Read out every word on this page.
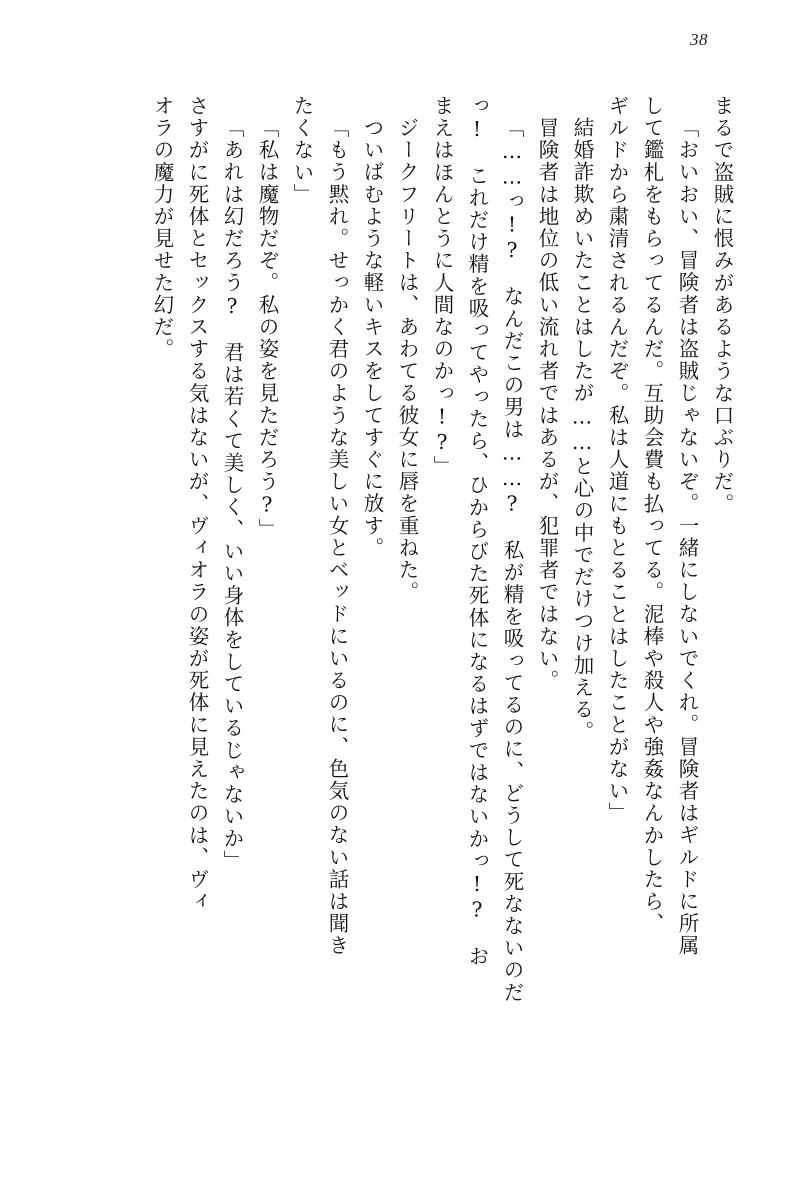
38
まるで盗賊に恨みがあるような口ぶりだ。
「おいおい、冒険者は盗賊じゃないぞ。一緒にしないでくれ。冒険者はギルドに所属
して鑑札をもらってるんだ。互助会費も払ってる。泥棒や殺人や強姦なんかしたら、
ギルドから粛清されるんだぞ。私は人道にもとることはしたことがない」
結婚詐欺めいたことはしたが……と心の中でだけつけ加える。
冒険者は地位の低い流れ者ではあるが、犯罪者ではない。
「……っ!?　なんだこの男は……?　私が精を吸ってるのに、どうして死なないのだ
っ!　これだけ精を吸ってやったら、ひからびた死体になるはずではないかっ!?　お
まえはほんとうに人間なのかっ!?」
ジークフリートは、あわてる彼女に唇を重ねた。
ついばむような軽いキスをしてすぐに放す。
「もう黙れ。せっかく君のような美しい女とベッドにいるのに、色気のない話は聞き
たくない」
「私は魔物だぞ。私の姿を見ただろう?」
「あれは幻だろう?　君は若くて美しく、いい身体をしているじゃないか」
さすがに死体とセックスする気はないが、ヴィオラの姿が死体に見えたのは、ヴィ
オラの魔力が見せた幻だ。
